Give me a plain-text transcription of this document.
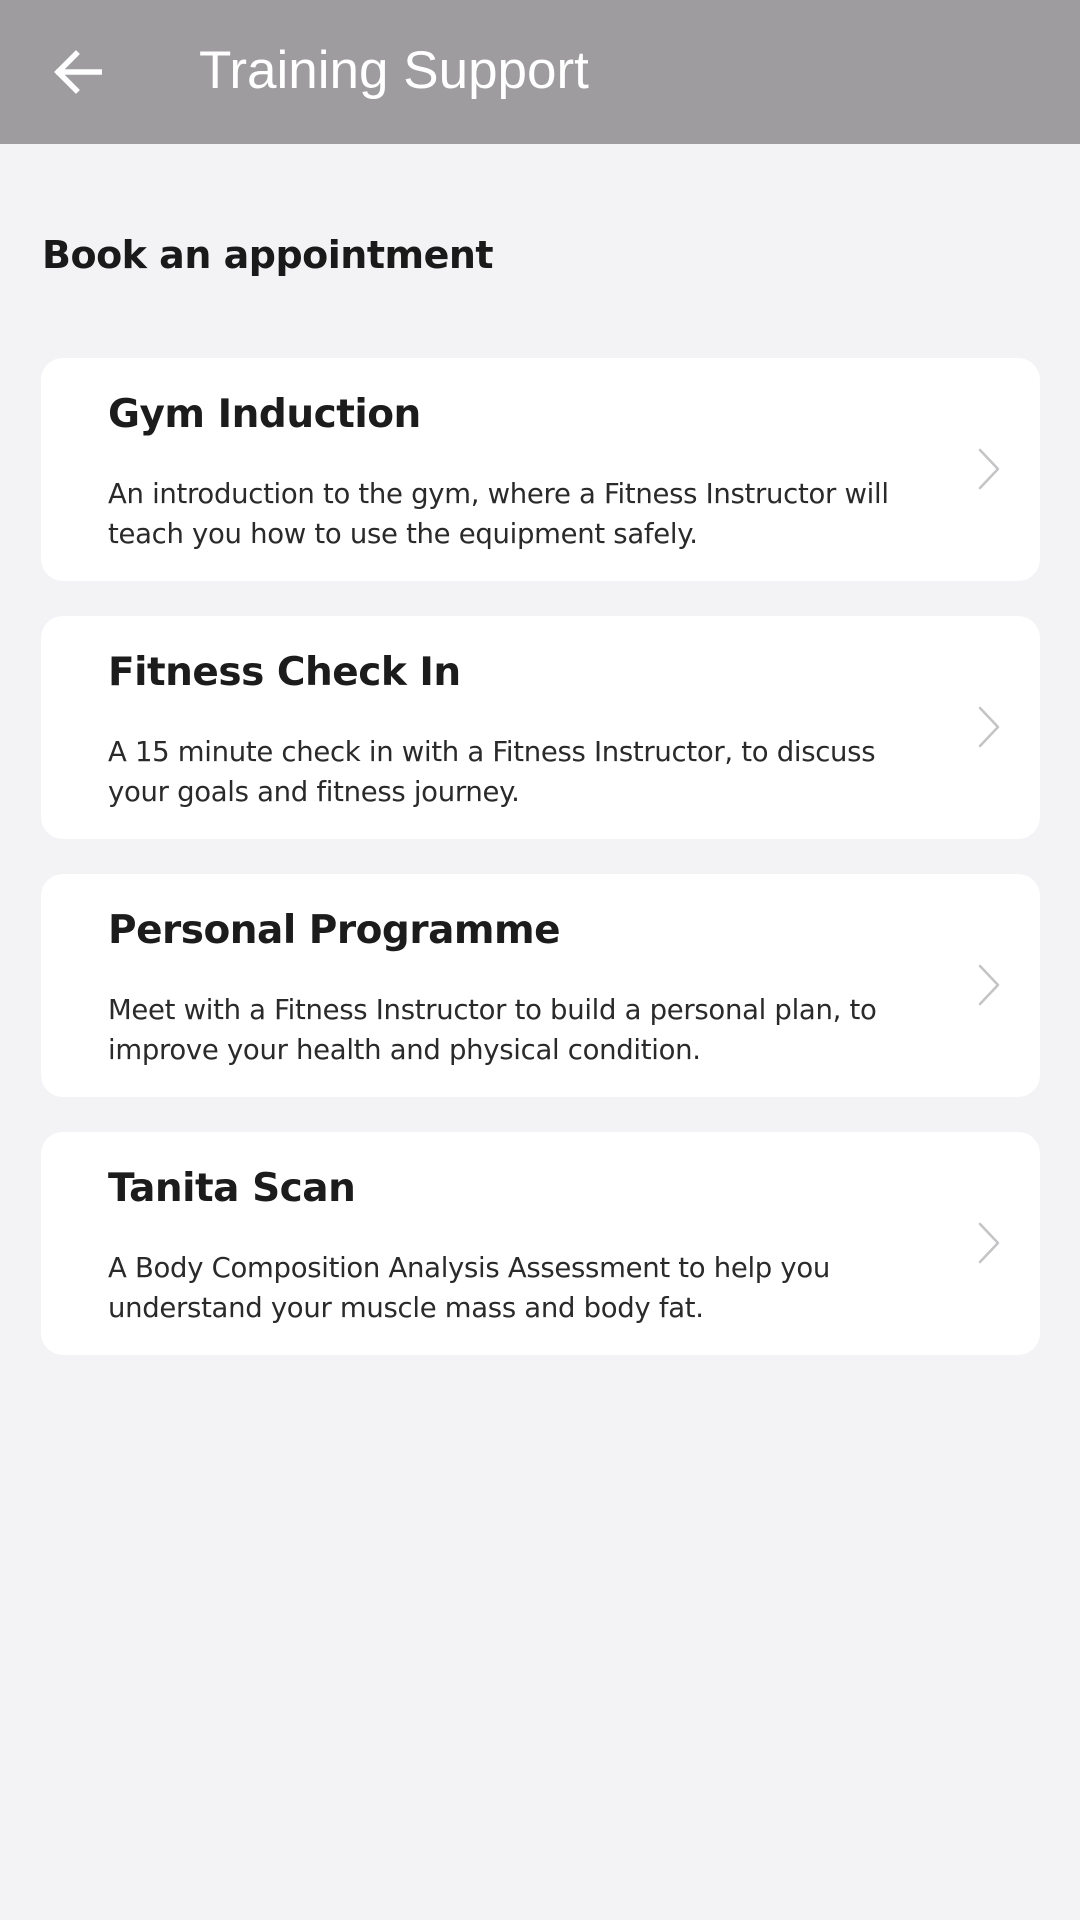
Training Support
Book an appointment
Gym Induction
An introduction to the gym, where a Fitness Instructor will teach you how to use the equipment safely.
Fitness Check In
A 15 minute check in with a Fitness Instructor, to discuss your goals and fitness journey.
Personal Programme
Meet with a Fitness Instructor to build a personal plan, to improve your health and physical condition.
Tanita Scan
A Body Composition Analysis Assessment to help you understand your muscle mass and body fat.
